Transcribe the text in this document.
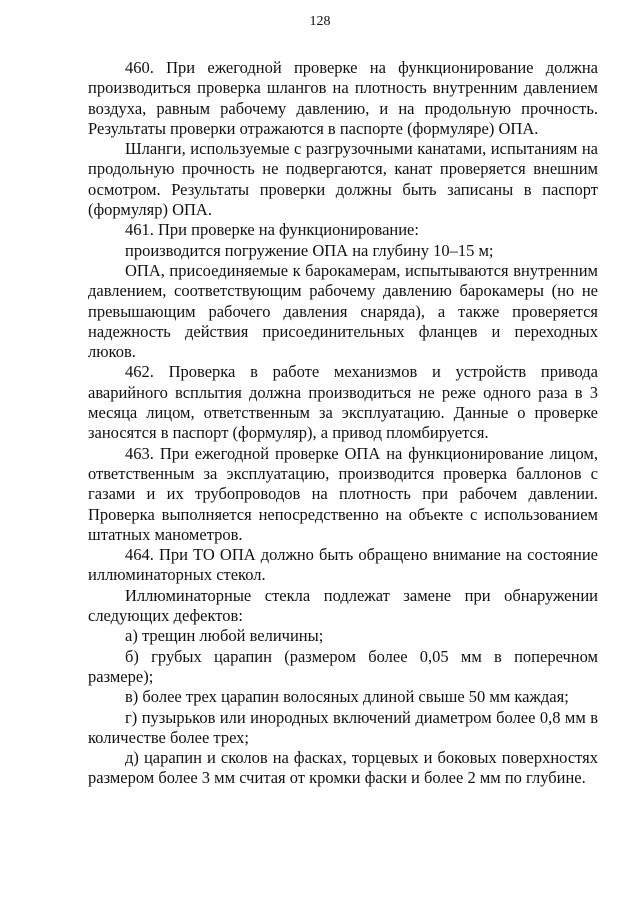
128

460. При ежегодной проверке на функционирование должна производиться проверка шлангов на плотность внутренним давлением воздуха, равным рабочему давлению, и на продольную прочность. Результаты проверки отражаются в паспорте (формуляре) ОПА.

Шланги, используемые с разгрузочными канатами, испытаниям на продольную прочность не подвергаются, канат проверяется внешним осмотром. Результаты проверки должны быть записаны в паспорт (формуляр) ОПА.

461. При проверке на функционирование:

производится погружение ОПА на глубину 10–15 м;

ОПА, присоединяемые к барокамерам, испытываются внутренним давлением, соответствующим рабочему давлению барокамеры (но не превышающим рабочего давления снаряда), а также проверяется надежность действия присоединительных фланцев и переходных люков.

462. Проверка в работе механизмов и устройств привода аварийного всплытия должна производиться не реже одного раза в 3 месяца лицом, ответственным за эксплуатацию. Данные о проверке заносятся в паспорт (формуляр), а привод пломбируется.

463. При ежегодной проверке ОПА на функционирование лицом, ответственным за эксплуатацию, производится проверка баллонов с газами и их трубопроводов на плотность при рабочем давлении. Проверка выполняется непосредственно на объекте с использованием штатных манометров.

464. При ТО ОПА должно быть обращено внимание на состояние иллюминаторных стекол.

Иллюминаторные стекла подлежат замене при обнаружении следующих дефектов:

а) трещин любой величины;

б) грубых царапин (размером более 0,05 мм в поперечном размере);

в) более трех царапин волосяных длиной свыше 50 мм каждая;

г) пузырьков или инородных включений диаметром более 0,8 мм в количестве более трех;

д) царапин и сколов на фасках, торцевых и боковых поверхностях размером более 3 мм считая от кромки фаски и более 2 мм по глубине.
